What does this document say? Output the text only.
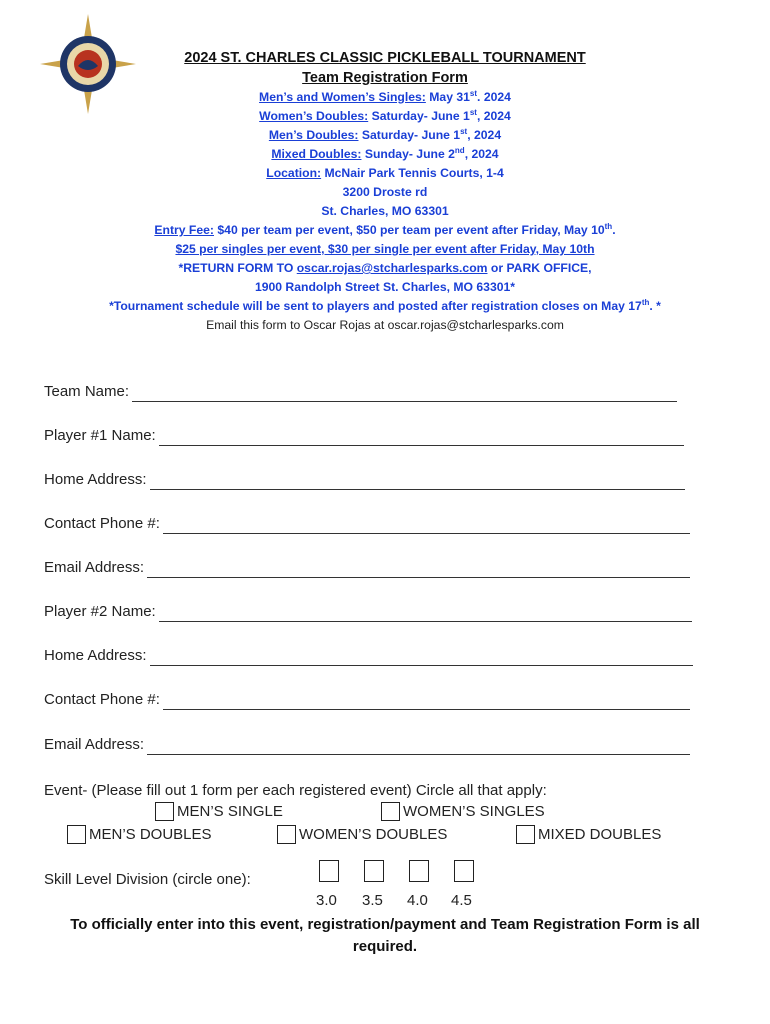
2024 ST. CHARLES CLASSIC PICKLEBALL TOURNAMENT
Team Registration Form
Men’s and Women’s Singles: May 31st. 2024
Women’s Doubles: Saturday- June 1st, 2024
Men’s Doubles: Saturday- June 1st, 2024
Mixed Doubles: Sunday- June 2nd, 2024
Location: McNair Park Tennis Courts, 1-4
3200 Droste rd
St. Charles, MO 63301
Entry Fee: $40 per team per event, $50 per team per event after Friday, May 10th.
$25 per singles per event, $30 per single per event after Friday, May 10th
*RETURN FORM TO oscar.rojas@stcharlesparks.com or PARK OFFICE,
1900 Randolph Street St. Charles, MO 63301*
*Tournament schedule will be sent to players and posted after registration closes on May 17th. *
Email this form to Oscar Rojas at oscar.rojas@stcharlesparks.com
Team Name:
Player #1 Name:
Home Address:
Contact Phone #:
Email Address:
Player #2 Name:
Home Address:
Contact Phone #:
Email Address:
Event- (Please fill out 1 form per each registered event) Circle all that apply:
MEN’S SINGLE	WOMEN’S SINGLES
MEN’S DOUBLES	WOMEN’S DOUBLES	MIXED DOUBLES
Skill Level Division (circle one):
3.0 3.5 4.0 4.5
To officially enter into this event, registration/payment and Team Registration Form is all required.
